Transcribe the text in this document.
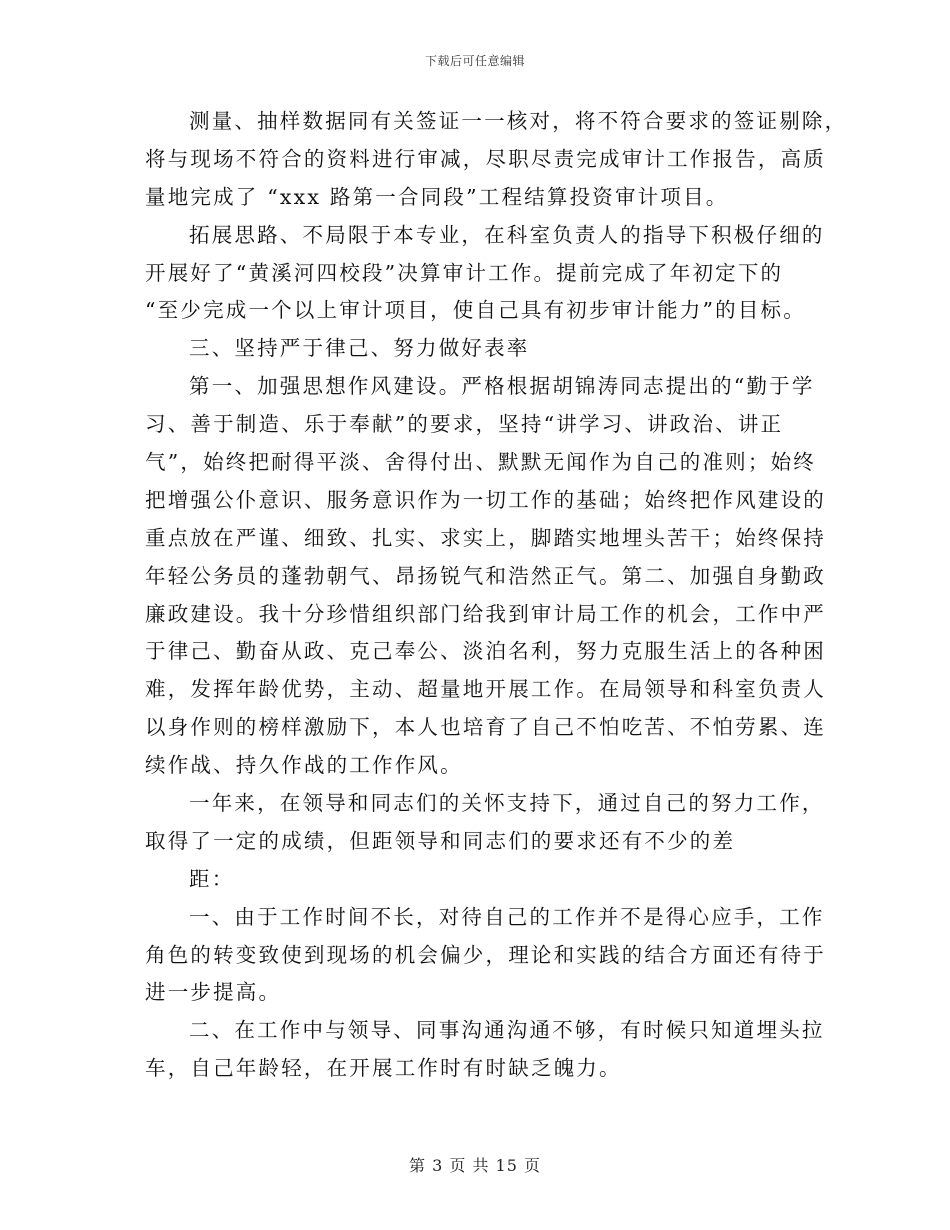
下载后可任意编辑
测量、抽样数据同有关签证一一核对，将不符合要求的签证剔除，
将与现场不符合的资料进行审减，尽职尽责完成审计工作报告，高质
量地完成了 “xxx 路第一合同段”工程结算投资审计项目。
拓展思路、不局限于本专业，在科室负责人的指导下积极仔细的
开展好了“黄溪河四校段”决算审计工作。提前完成了年初定下的
“至少完成一个以上审计项目，使自己具有初步审计能力”的目标。
三、坚持严于律己、努力做好表率
第一、加强思想作风建设。严格根据胡锦涛同志提出的“勤于学
习、善于制造、乐于奉献”的要求，坚持“讲学习、讲政治、讲正
气”，始终把耐得平淡、舍得付出、默默无闻作为自己的准则；始终
把增强公仆意识、服务意识作为一切工作的基础；始终把作风建设的
重点放在严谨、细致、扎实、求实上，脚踏实地埋头苦干；始终保持
年轻公务员的蓬勃朝气、昂扬锐气和浩然正气。第二、加强自身勤政
廉政建设。我十分珍惜组织部门给我到审计局工作的机会，工作中严
于律己、勤奋从政、克己奉公、淡泊名利，努力克服生活上的各种困
难，发挥年龄优势，主动、超量地开展工作。在局领导和科室负责人
以身作则的榜样激励下，本人也培育了自己不怕吃苦、不怕劳累、连
续作战、持久作战的工作作风。
一年来，在领导和同志们的关怀支持下，通过自己的努力工作，
取得了一定的成绩，但距领导和同志们的要求还有不少的差
距：
一、由于工作时间不长，对待自己的工作并不是得心应手，工作
角色的转变致使到现场的机会偏少，理论和实践的结合方面还有待于
进一步提高。
二、在工作中与领导、同事沟通沟通不够，有时候只知道埋头拉
车，自己年龄轻，在开展工作时有时缺乏魄力。
第 3 页 共 15 页
